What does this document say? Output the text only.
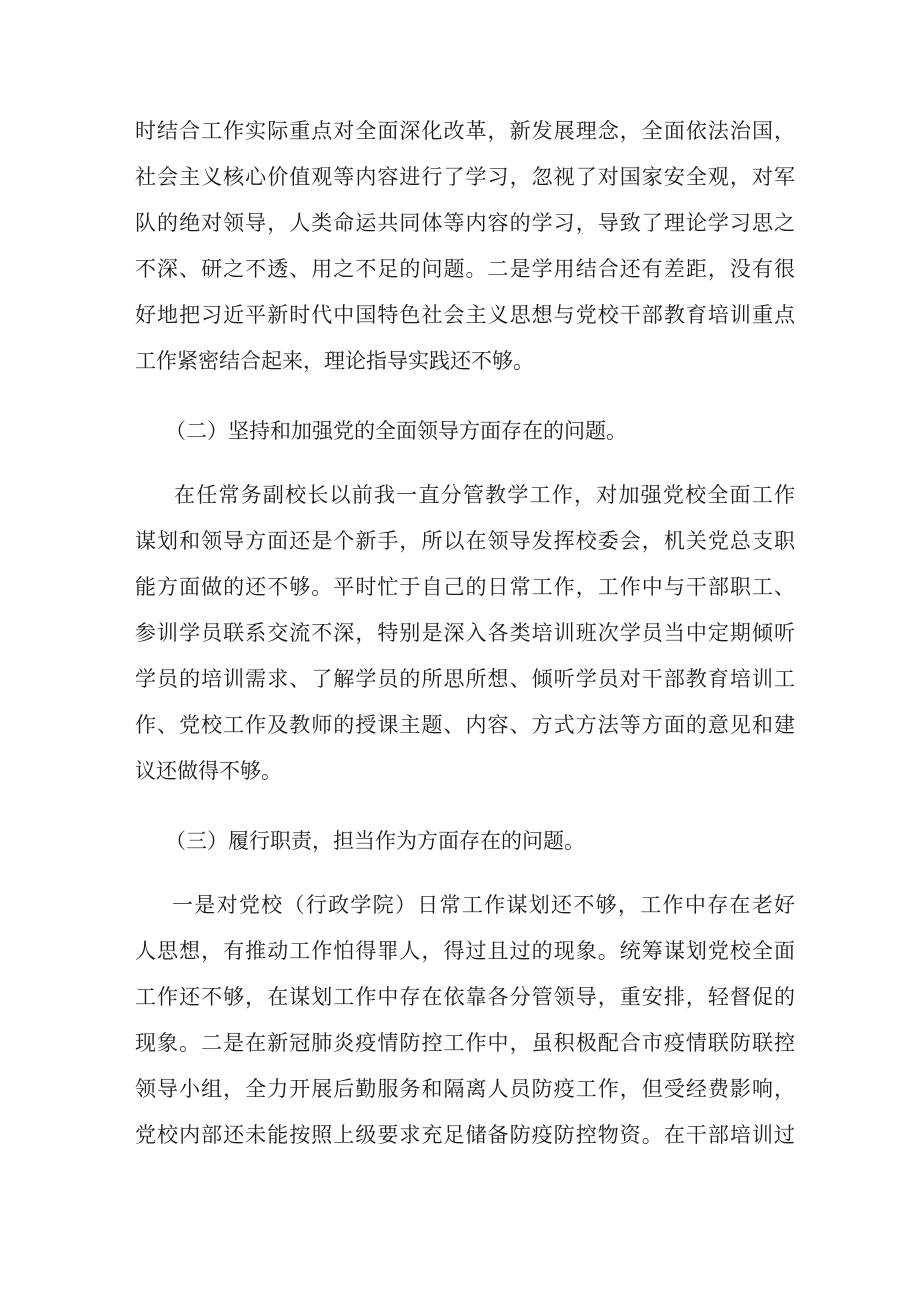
时结合工作实际重点对全面深化改革，新发展理念，全面依法治国，
社会主义核心价值观等内容进行了学习，忽视了对国家安全观，对军
队的绝对领导，人类命运共同体等内容的学习，导致了理论学习思之
不深、研之不透、用之不足的问题。二是学用结合还有差距，没有很
好地把习近平新时代中国特色社会主义思想与党校干部教育培训重点
工作紧密结合起来，理论指导实践还不够。
（二）坚持和加强党的全面领导方面存在的问题。
在任常务副校长以前我一直分管教学工作，对加强党校全面工作
谋划和领导方面还是个新手，所以在领导发挥校委会，机关党总支职
能方面做的还不够。平时忙于自己的日常工作，工作中与干部职工、
参训学员联系交流不深，特别是深入各类培训班次学员当中定期倾听
学员的培训需求、了解学员的所思所想、倾听学员对干部教育培训工
作、党校工作及教师的授课主题、内容、方式方法等方面的意见和建
议还做得不够。
（三）履行职责，担当作为方面存在的问题。
一是对党校（行政学院）日常工作谋划还不够，工作中存在老好
人思想，有推动工作怕得罪人，得过且过的现象。统筹谋划党校全面
工作还不够，在谋划工作中存在依靠各分管领导，重安排，轻督促的
现象。二是在新冠肺炎疫情防控工作中，虽积极配合市疫情联防联控
领导小组，全力开展后勤服务和隔离人员防疫工作，但受经费影响，
党校内部还未能按照上级要求充足储备防疫防控物资。在干部培训过
